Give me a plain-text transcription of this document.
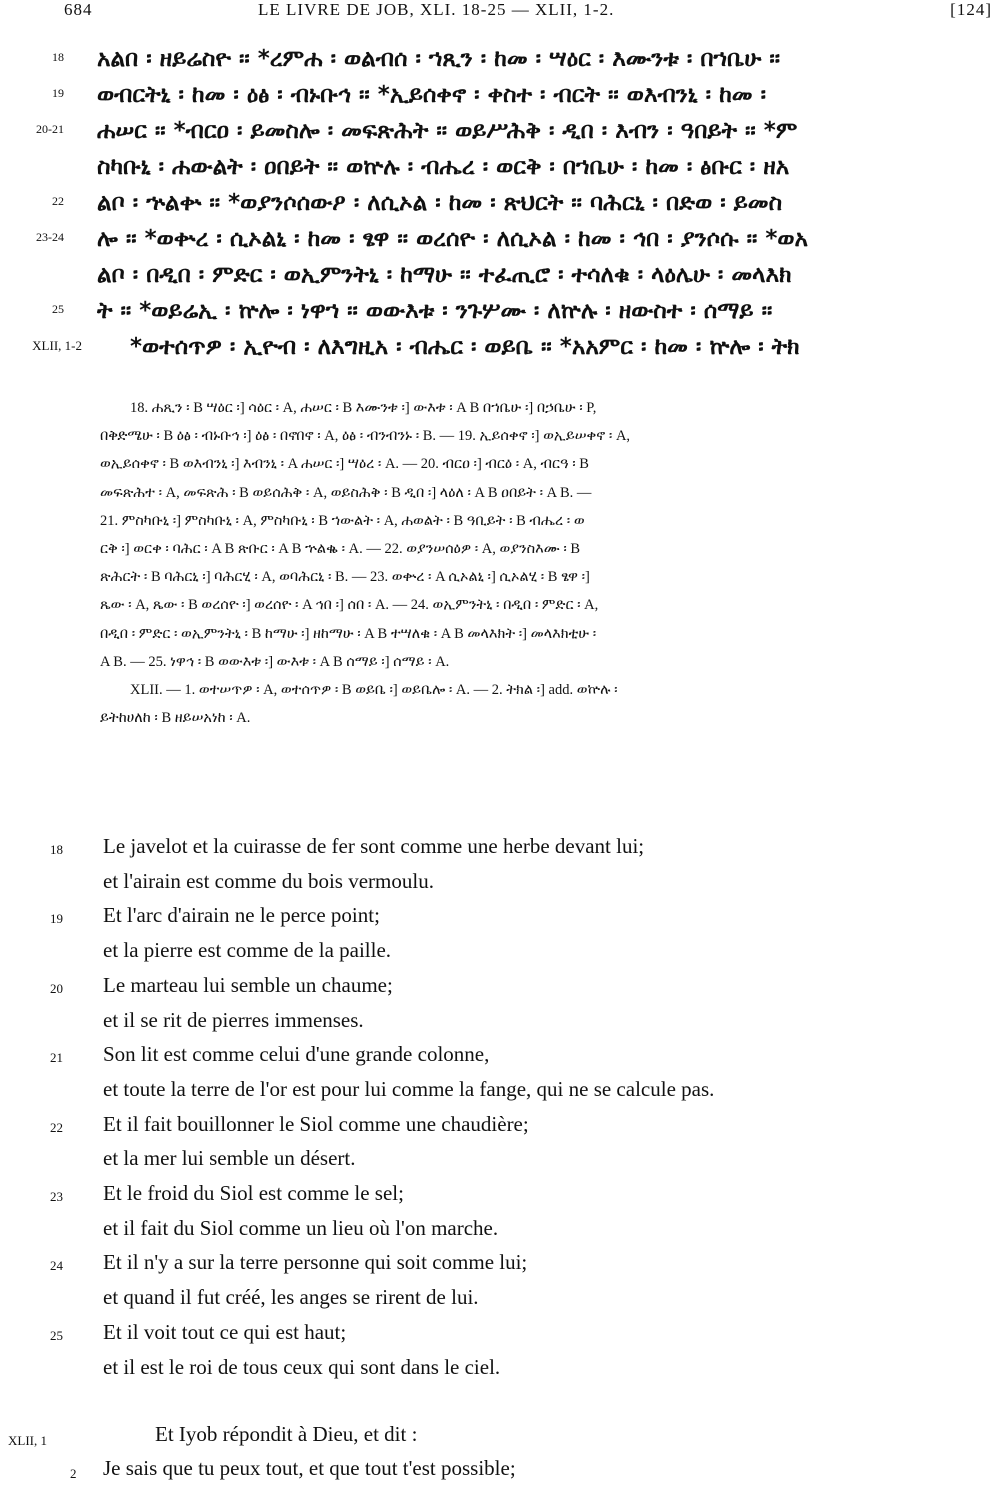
684	LE LIVRE DE JOB, XLI. 18-25 — XLII, 1-2.	[124]
18 አልበ ፡ ዘይሬስዮ ። *ረምሐ ፡ ወልብሰ ፡ ኀጺን ፡ ከመ ፡ ሣዕር ፡ እሙንቱ ፡ በኀቤሁ ።
19 ወብርትኒ ፡ ከመ ፡ ዕፅ ፡ ብኑቡኅ ። *ኢይሰቀኖ ፡ ቀስተ ፡ ብርት ። ወእብንኒ ፡ ከመ ፡
20-21 ሐሠር ። *ብርዐ ፡ ይመስሎ ፡ መፍጽሕት ። ወይሥሕቅ ፡ ዲበ ፡ እብን ፡ ዓበይት ። *ም
ስካቡኒ ፡ ሐውልት ፡ ዐበይት ። ወኵሉ ፡ ብሔረ ፡ ወርቅ ፡ በኀቤሁ ፡ ከመ ፡ ፅቡር ፡ ዘአ
22 ልቦ ፡ ኍልቍ ። *ወያንሶሰውዖ ፡ ለሲኦል ፡ ከመ ፡ ጽህርት ። ባሕርኒ ፡ በድወ ፡ ይመስ
23-24 ሎ ። *ወቍረ ፡ ሲኦልኒ ፡ ከመ ፡ ፄዋ ። ወረሰዮ ፡ ለሲኦል ፡ ከመ ፡ ኅበ ፡ ያንሶሱ ። *ወአ
ልቦ ፡ በዲበ ፡ ምድር ፡ ወኢምንትኒ ፡ ከማሁ ። ተፈጢሮ ፡ ተሳለቁ ፡ ላዕሌሁ ፡ መላእክ
25 ት ። *ወይሬኢ ፡ ኵሎ ፡ ነዋኀ ። ወውእቱ ፡ ንጉሦሙ ፡ ለኵሉ ፡ ዘውስተ ፡ ሰማይ ።
XLII, 1-2 *ወተሰጥዎ ፡ ኢዮብ ፡ ለእግዚአ ፡ ብሔር ፡ ወይቤ ። *አአምር ፡ ከመ ፡ ኵሎ ፡ ትክ
18. ሐጺን ፡ B ሣዕር ፡] ሳዕር ፡ A, ሐሠር ፡ B እሙንቱ ፡] ውእቱ ፡ A B በኀቤሁ ፡] በኃቤሁ ፡ P,
በቅድሜሁ ፡ B ዕፅ ፡ ብኑቡኅ ፡] ዕፅ ፡ በኖበኖ ፡ A, ዕፅ ፡ ብንብንኑ ፡ B. — 19. ኢይሰቀኖ ፡] ወኢይሠቀኖ ፡ A,
ወኢይሰቀኖ ፡ B ወእብንኒ ፡] እብንኒ ፡ A ሐሠር ፡] ሣዕረ ፡ A. — 20. ብርዐ ፡] ብርዕ ፡ A, ብርዓ ፡ B
መፍጽሕተ ፡ A, መፍጽሕ ፡ B ወይሰሕቅ ፡ A, ወይስሕቅ ፡ B ዲበ ፡] ላዕለ ፡ A B ዐበይት ፡ A B. —
21. ምስካቡኒ ፡] ምስካቡኒ ፡ A, ምስካቡኒ ፡ B ኀውልት ፡ A, ሐወልት ፡ B ዓቢይት ፡ B ብሔረ ፡ ወ
ርቅ ፡] ወርቀ ፡ ባሕር ፡ A B ጽቡር ፡ A B ኍልቈ ፡ A. — 22. ወያንሠሰዕዎ ፡ A, ወያንስእሙ ፡ B
ጽሕርት ፡ B ባሕርኒ ፡] ባሕርሂ ፡ A, ወባሕርኒ ፡ B. — 23. ወቍረ ፡ A ሲኦልኒ ፡] ሲኦልሂ ፡ B ፄዋ ፡]
ጼው ፡ A, ጼው ፡ B ወረሰዮ ፡] ወረሰዮ ፡ A ኅበ ፡] ሰበ ፡ A. — 24. ወኢምንትኒ ፡ በዲበ ፡ ምድር ፡ A,
በዲበ ፡ ምድር ፡ ወኢምንትኒ ፡ B ከማሁ ፡] ዘከማሁ ፡ A B ተሣለቁ ፡ A B መላእክት ፡] መላእክቲሁ ፡
A B. — 25. ነዋኅ ፡ B ወውእቱ ፡] ውእቱ ፡ A B ሰማይ ፡] ሰማይ ፡ A.
XLII. — 1. ወተሠጥዎ ፡ A, ወተሰጥዎ ፡ B ወይቤ ፡] ወይቤሎ ፡ A. — 2. ትክል ፡] add. ወኵሉ ፡
ይትከሀለከ ፡ B ዘይሠአነከ ፡ A.
18 Le javelot et la cuirasse de fer sont comme une herbe devant lui;
et l'airain est comme du bois vermoulu.
19 Et l'arc d'airain ne le perce point;
et la pierre est comme de la paille.
20 Le marteau lui semble un chaume;
et il se rit de pierres immenses.
21 Son lit est comme celui d'une grande colonne,
et toute la terre de l'or est pour lui comme la fange, qui ne se calcule pas.
22 Et il fait bouillonner le Siol comme une chaudière;
et la mer lui semble un désert.
23 Et le froid du Siol est comme le sel;
et il fait du Siol comme un lieu où l'on marche.
24 Et il n'y a sur la terre personne qui soit comme lui;
et quand il fut créé, les anges se rirent de lui.
25 Et il voit tout ce qui est haut;
et il est le roi de tous ceux qui sont dans le ciel.
XLII, 1	Et Iyob répondit à Dieu, et dit :
2 Je sais que tu peux tout, et que tout t'est possible;
